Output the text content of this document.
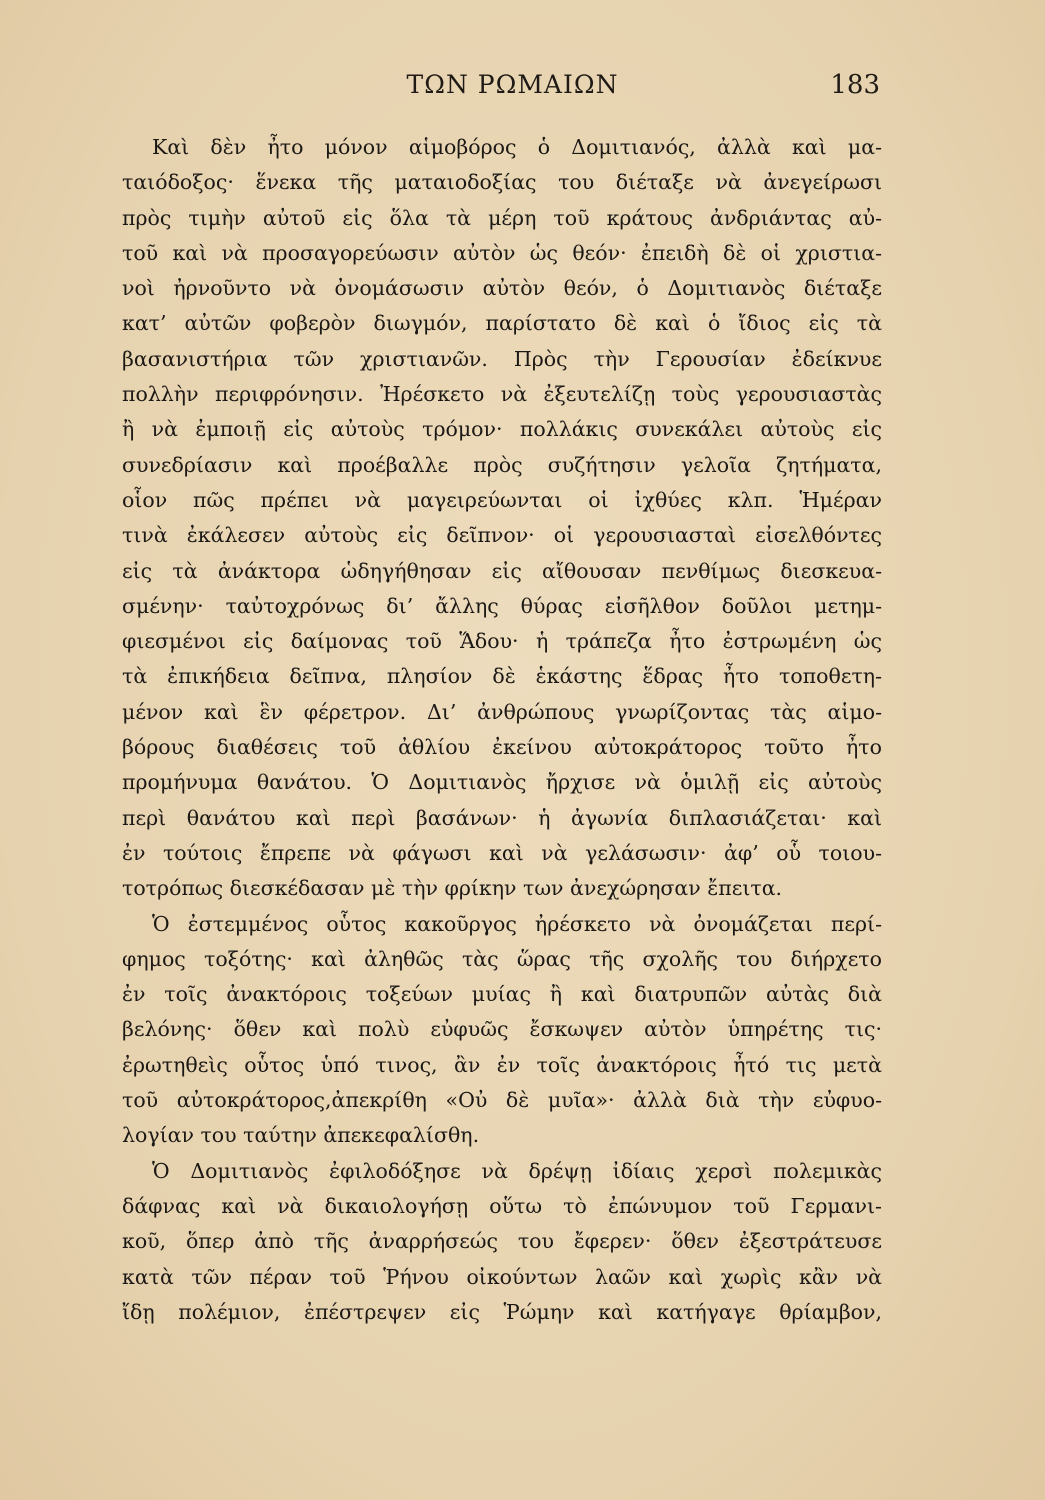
ΤΩΝ ΡΩΜΑΙΩΝ	183
Καὶ δὲν ἦτο μόνον αἱμοβόρος ὁ Δομιτιανός, ἀλλὰ καὶ μα-
ταιόδοξος· ἕνεκα τῆς ματαιοδοξίας του διέταξε νὰ ἀνεγείρωσι
πρὸς τιμὴν αὐτοῦ εἰς ὅλα τὰ μέρη τοῦ κράτους ἀνδριάντας αὐ-
τοῦ καὶ νὰ προσαγορεύωσιν αὐτὸν ὡς θεόν· ἐπειδὴ δὲ οἱ χριστια-
νοὶ ἠρνοῦντο νὰ ὀνομάσωσιν αὐτὸν θεόν, ὁ Δομιτιανὸς διέταξε
κατ’ αὐτῶν φοβερὸν διωγμόν, παρίστατο δὲ καὶ ὁ ἴδιος εἰς τὰ
βασανιστήρια τῶν χριστιανῶν. Πρὸς τὴν Γερουσίαν ἐδείκνυε
πολλὴν περιφρόνησιν. Ἠρέσκετο νὰ ἐξευτελίζῃ τοὺς γερουσιαστὰς
ἢ νὰ ἐμποιῇ εἰς αὐτοὺς τρόμον· πολλάκις συνεκάλει αὐτοὺς εἰς
συνεδρίασιν καὶ προέβαλλε πρὸς συζήτησιν γελοῖα ζητήματα,
οἷον πῶς πρέπει νὰ μαγειρεύωνται οἱ ἰχθύες κλπ. Ἡμέραν
τινὰ ἐκάλεσεν αὐτοὺς εἰς δεῖπνον· οἱ γερουσιασταὶ εἰσελθόντες
εἰς τὰ ἀνάκτορα ὡδηγήθησαν εἰς αἴθουσαν πενθίμως διεσκευα-
σμένην· ταὐτοχρόνως δι’ ἄλλης θύρας εἰσῆλθον δοῦλοι μετημ-
φιεσμένοι εἰς δαίμονας τοῦ Ἅδου· ἡ τράπεζα ἦτο ἐστρωμένη ὡς
τὰ ἐπικήδεια δεῖπνα, πλησίον δὲ ἑκάστης ἕδρας ἦτο τοποθετη-
μένον καὶ ἓν φέρετρον. Δι’ ἀνθρώπους γνωρίζοντας τὰς αἱμο-
βόρους διαθέσεις τοῦ ἀθλίου ἐκείνου αὐτοκράτορος τοῦτο ἦτο
προμήνυμα θανάτου. Ὁ Δομιτιανὸς ἤρχισε νὰ ὁμιλῇ εἰς αὐτοὺς
περὶ θανάτου καὶ περὶ βασάνων· ἡ ἀγωνία διπλασιάζεται· καὶ
ἐν τούτοις ἔπρεπε νὰ φάγωσι καὶ νὰ γελάσωσιν· ἀφ’ οὗ τοιου-
τοτρόπως διεσκέδασαν μὲ τὴν φρίκην των ἀνεχώρησαν ἔπειτα.
Ὁ ἐστεμμένος οὗτος κακοῦργος ἠρέσκετο νὰ ὀνομάζεται περί-
φημος τοξότης· καὶ ἀληθῶς τὰς ὥρας τῆς σχολῆς του διήρχετο
ἐν τοῖς ἀνακτόροις τοξεύων μυίας ἢ καὶ διατρυπῶν αὐτὰς διὰ
βελόνης· ὅθεν καὶ πολὺ εὐφυῶς ἔσκωψεν αὐτὸν ὑπηρέτης τις·
ἐρωτηθεὶς οὗτος ὑπό τινος, ἂν ἐν τοῖς ἀνακτόροις ἦτό τις μετὰ
τοῦ αὐτοκράτορος,ἀπεκρίθη «Οὐ δὲ μυῖα»· ἀλλὰ διὰ τὴν εὐφυο-
λογίαν του ταύτην ἀπεκεφαλίσθη.
Ὁ Δομιτιανὸς ἐφιλοδόξησε νὰ δρέψῃ ἰδίαις χερσὶ πολεμικὰς
δάφνας καὶ νὰ δικαιολογήσῃ οὕτω τὸ ἐπώνυμον τοῦ Γερμανι-
κοῦ, ὅπερ ἀπὸ τῆς ἀναρρήσεώς του ἔφερεν· ὅθεν ἐξεστράτευσε
κατὰ τῶν πέραν τοῦ Ῥήνου οἰκούντων λαῶν καὶ χωρὶς κἂν νὰ
ἴδῃ πολέμιον, ἐπέστρεψεν εἰς Ῥώμην καὶ κατήγαγε θρίαμβον,
